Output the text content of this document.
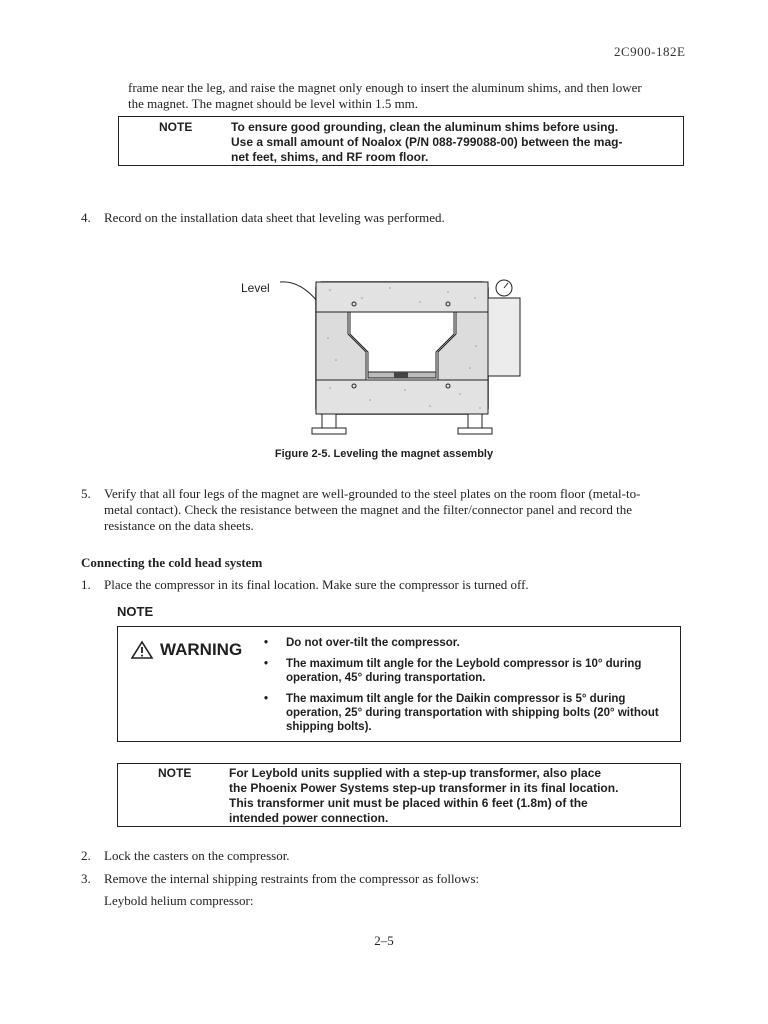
2C900-182E
frame near the leg, and raise the magnet only enough to insert the aluminum shims, and then lower
the magnet. The magnet should be level within 1.5 mm.
NOTE	To ensure good grounding, clean the aluminum shims before using.
Use a small amount of Noalox (P/N 088-799088-00) between the mag-
net feet, shims, and RF room floor.
4. Record on the installation data sheet that leveling was performed.
Level
Figure 2-5. Leveling the magnet assembly
5. Verify that all four legs of the magnet are well-grounded to the steel plates on the room floor (metal-to-
metal contact). Check the resistance between the magnet and the filter/connector panel and record the
resistance on the data sheets.
Connecting the cold head system
1. Place the compressor in its final location. Make sure the compressor is turned off.
NOTE
WARNING • Do not over-tilt the compressor.
• The maximum tilt angle for the Leybold compressor is 10° during operation, 45° during transportation.
• The maximum tilt angle for the Daikin compressor is 5° during operation, 25° during transportation with shipping bolts (20° without shipping bolts).
NOTE	For Leybold units supplied with a step-up transformer, also place
the Phoenix Power Systems step-up transformer in its final location.
This transformer unit must be placed within 6 feet (1.8m) of the
intended power connection.
2. Lock the casters on the compressor.
3. Remove the internal shipping restraints from the compressor as follows:
Leybold helium compressor:
2–5
